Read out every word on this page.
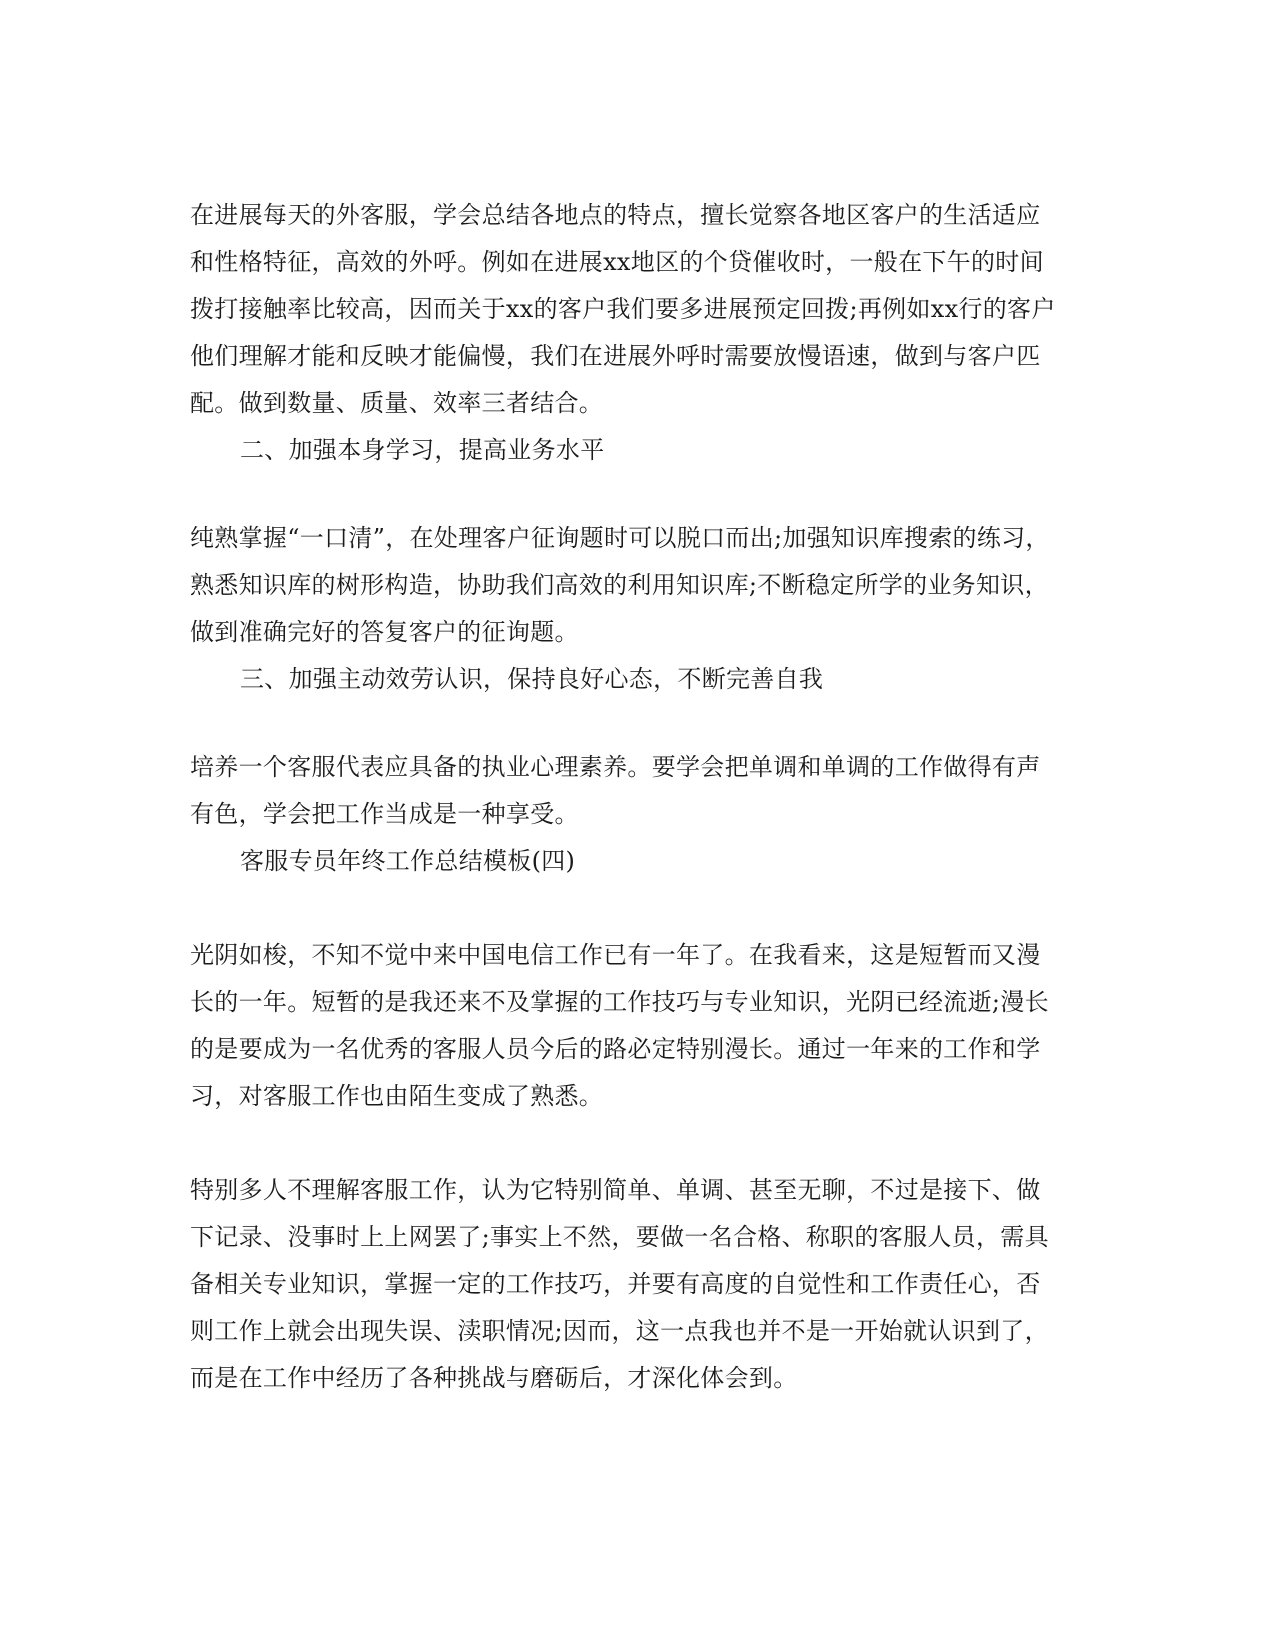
在进展每天的外客服，学会总结各地点的特点，擅长觉察各地区客户的生活适应
和性格特征，高效的外呼。例如在进展xx地区的个贷催收时，一般在下午的时间
拨打接触率比较高，因而关于xx的客户我们要多进展预定回拨;再例如xx行的客户
他们理解才能和反映才能偏慢，我们在进展外呼时需要放慢语速，做到与客户匹
配。做到数量、质量、效率三者结合。
二、加强本身学习，提高业务水平
纯熟掌握“一口清”，在处理客户征询题时可以脱口而出;加强知识库搜索的练习，
熟悉知识库的树形构造，协助我们高效的利用知识库;不断稳定所学的业务知识，
做到准确完好的答复客户的征询题。
三、加强主动效劳认识，保持良好心态，不断完善自我
培养一个客服代表应具备的执业心理素养。要学会把单调和单调的工作做得有声
有色，学会把工作当成是一种享受。
客服专员年终工作总结模板(四)
光阴如梭，不知不觉中来中国电信工作已有一年了。在我看来，这是短暂而又漫
长的一年。短暂的是我还来不及掌握的工作技巧与专业知识，光阴已经流逝;漫长
的是要成为一名优秀的客服人员今后的路必定特别漫长。通过一年来的工作和学
习，对客服工作也由陌生变成了熟悉。
特别多人不理解客服工作，认为它特别简单、单调、甚至无聊，不过是接下、做
下记录、没事时上上网罢了;事实上不然，要做一名合格、称职的客服人员，需具
备相关专业知识，掌握一定的工作技巧，并要有高度的自觉性和工作责任心，否
则工作上就会出现失误、渎职情况;因而，这一点我也并不是一开始就认识到了，
而是在工作中经历了各种挑战与磨砺后，才深化体会到。
